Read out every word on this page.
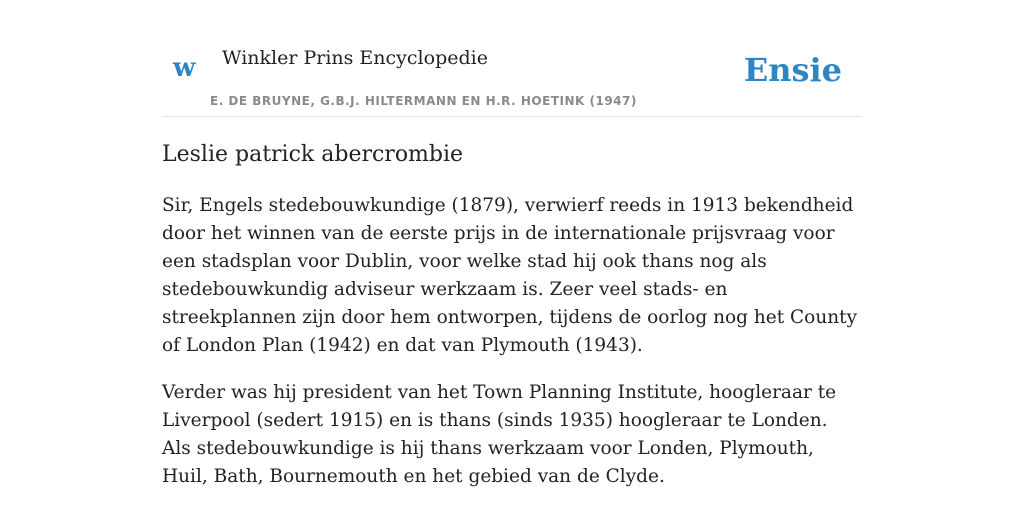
w Winkler Prins Encyclopedie
E. DE BRUYNE, G.B.J. HILTERMANN EN H.R. HOETINK (1947)
Ensie
Leslie patrick abercrombie

Sir, Engels stedebouwkundige (1879), verwierf reeds in 1913 bekendheid door het winnen van de eerste prijs in de internationale prijsvraag voor een stadsplan voor Dublin, voor welke stad hij ook thans nog als stedebouwkundig adviseur werkzaam is. Zeer veel stads- en streekplannen zijn door hem ontworpen, tijdens de oorlog nog het County of London Plan (1942) en dat van Plymouth (1943).

Verder was hij president van het Town Planning Institute, hoogleraar te Liverpool (sedert 1915) en is thans (sinds 1935) hoogleraar te Londen. Als stedebouwkundige is hij thans werkzaam voor Londen, Plymouth, Huil, Bath, Bournemouth en het gebied van de Clyde.
